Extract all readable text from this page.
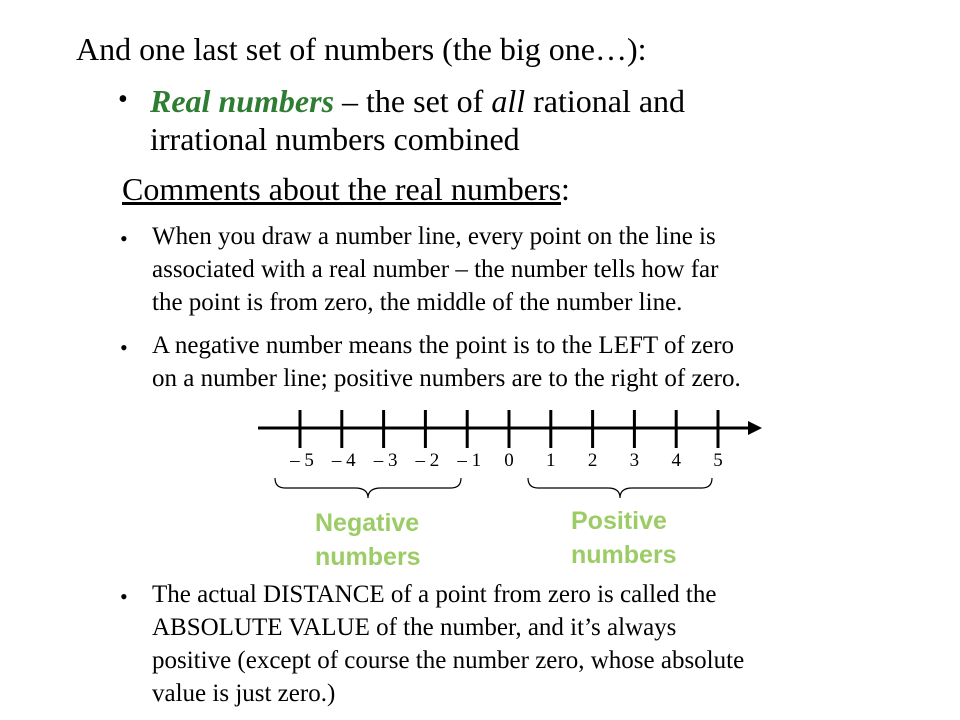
And one last set of numbers (the big one…):
• Real numbers – the set of all rational and
irrational numbers combined
Comments about the real numbers:
• When you draw a number line, every point on the line is
associated with a real number – the number tells how far
the point is from zero, the middle of the number line.
• A negative number means the point is to the LEFT of zero
on a number line; positive numbers are to the right of zero.
– 5 – 4 – 3 – 2 – 1 0 1 2 3 4 5
Negative
numbers
Positive
numbers
• The actual DISTANCE of a point from zero is called the
ABSOLUTE VALUE of the number, and it’s always
positive (except of course the number zero, whose absolute
value is just zero.)
